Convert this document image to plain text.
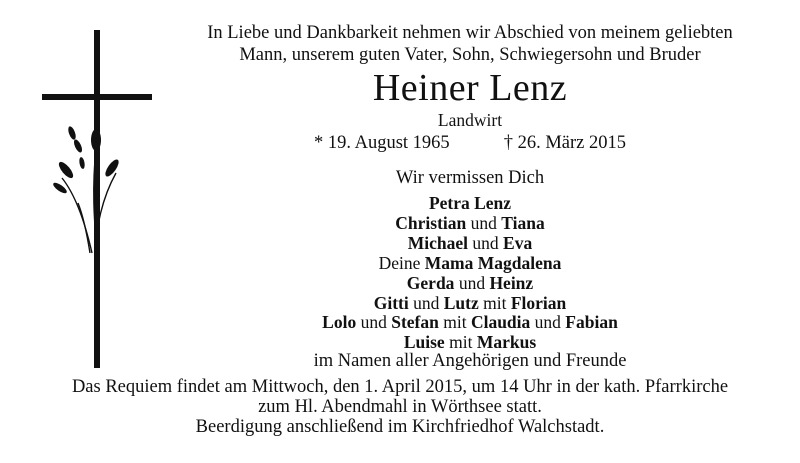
In Liebe und Dankbarkeit nehmen wir Abschied von meinem geliebten
Mann, unserem guten Vater, Sohn, Schwiegersohn und Bruder
Heiner Lenz
Landwirt
* 19. August 1965	† 26. März 2015
Wir vermissen Dich
Petra Lenz
Christian und Tiana
Michael und Eva
Deine Mama Magdalena
Gerda und Heinz
Gitti und Lutz mit Florian
Lolo und Stefan mit Claudia und Fabian
Luise mit Markus
im Namen aller Angehörigen und Freunde
Das Requiem findet am Mittwoch, den 1. April 2015, um 14 Uhr in der kath. Pfarrkirche
zum Hl. Abendmahl in Wörthsee statt.
Beerdigung anschließend im Kirchfriedhof Walchstadt.
